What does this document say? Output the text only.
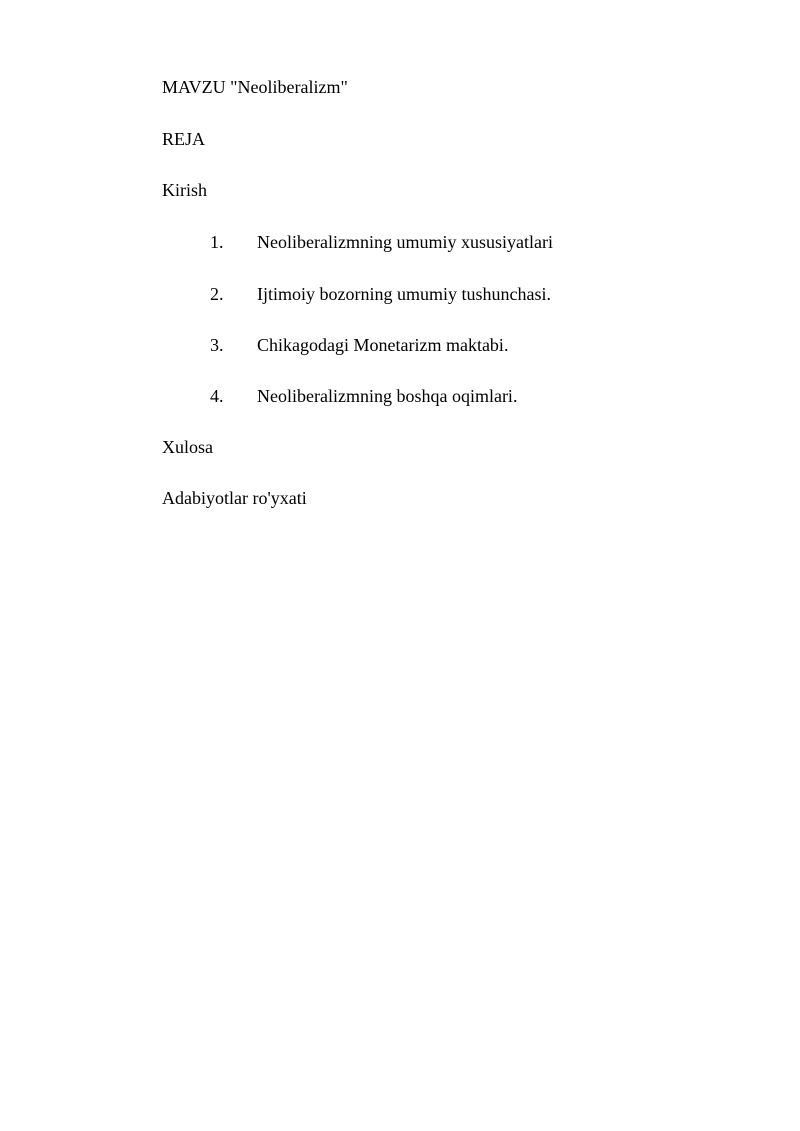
MAVZU "Neoliberalizm"
REJA
Kirish
1. Neoliberalizmning umumiy xususiyatlari
2. Ijtimoiy bozorning umumiy tushunchasi.
3. Chikagodagi Monetarizm maktabi.
4. Neoliberalizmning boshqa oqimlari.
Xulosa
Adabiyotlar ro'yxati
